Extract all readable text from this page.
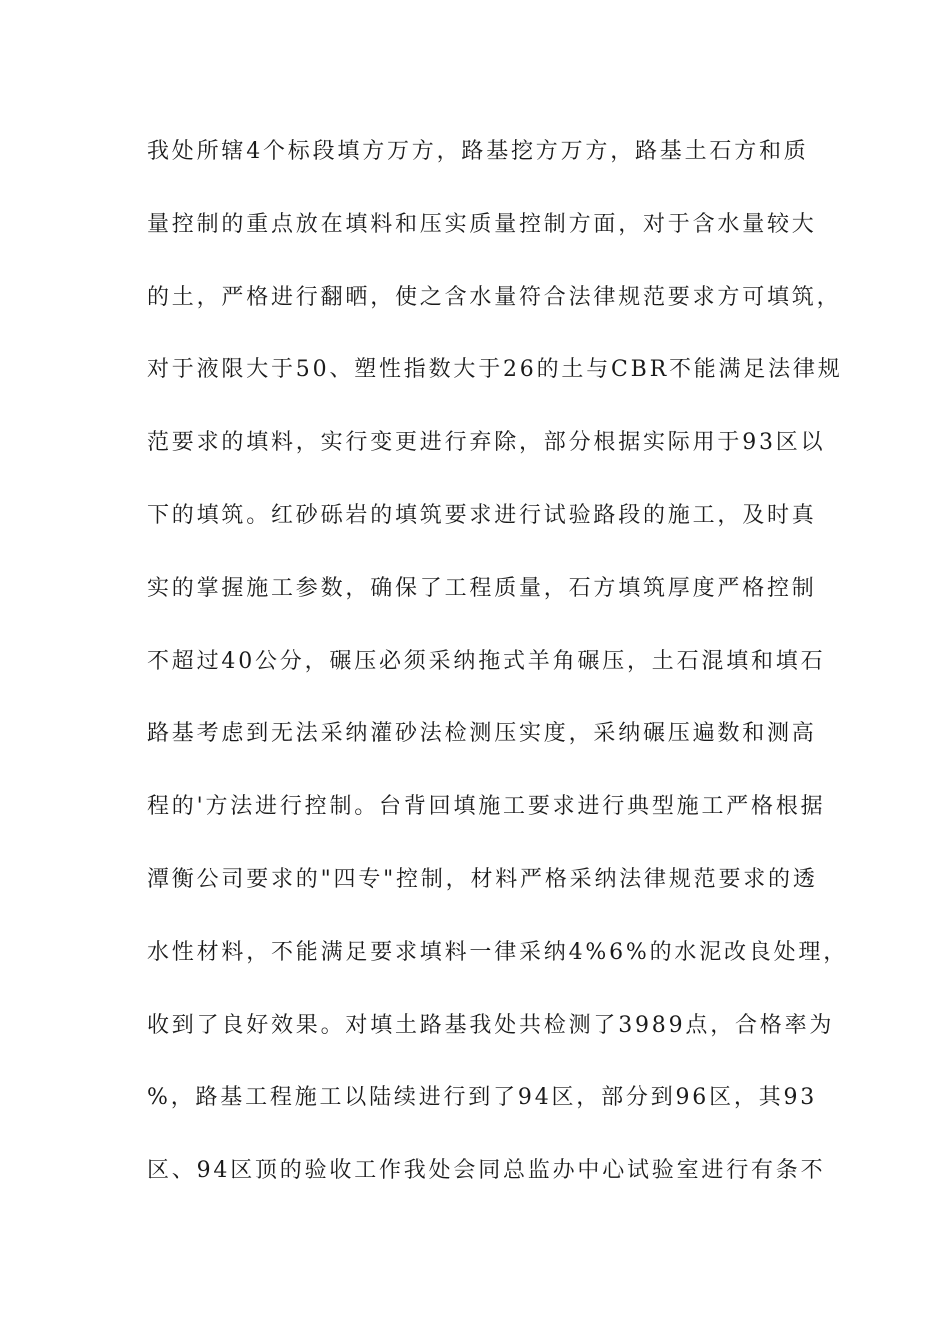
我处所辖4个标段填方万方，路基挖方万方，路基土石方和质
量控制的重点放在填料和压实质量控制方面，对于含水量较大
的土，严格进行翻晒，使之含水量符合法律规范要求方可填筑，
对于液限大于50、塑性指数大于26的土与CBR不能满足法律规
范要求的填料，实行变更进行弃除，部分根据实际用于93区以
下的填筑。红砂砾岩的填筑要求进行试验路段的施工，及时真
实的掌握施工参数，确保了工程质量，石方填筑厚度严格控制
不超过40公分，碾压必须采纳拖式羊角碾压，土石混填和填石
路基考虑到无法采纳灌砂法检测压实度，采纳碾压遍数和测高
程的'方法进行控制。台背回填施工要求进行典型施工严格根据
潭衡公司要求的"四专"控制，材料严格采纳法律规范要求的透
水性材料，不能满足要求填料一律采纳4%6%的水泥改良处理，
收到了良好效果。对填土路基我处共检测了3989点，合格率为
%，路基工程施工以陆续进行到了94区，部分到96区，其93
区、94区顶的验收工作我处会同总监办中心试验室进行有条不
